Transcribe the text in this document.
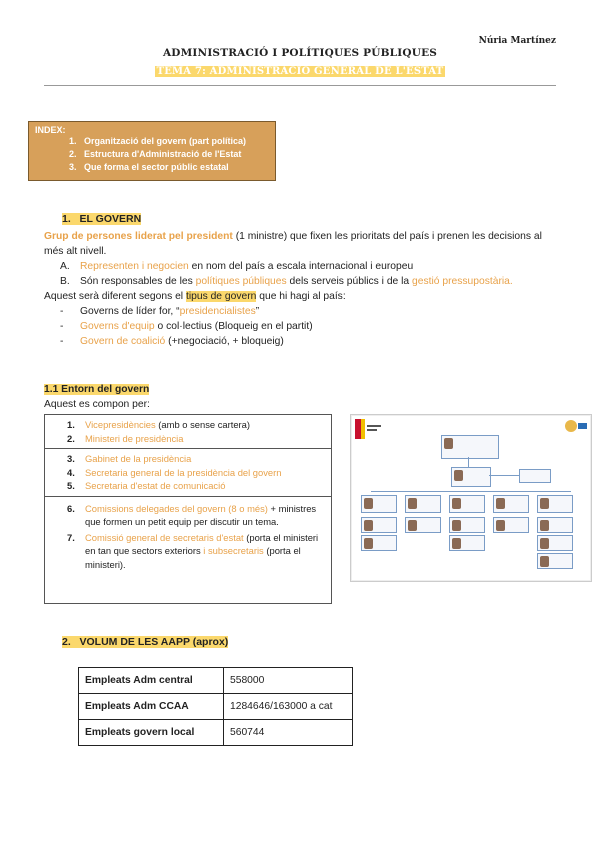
Núria Martínez
ADMINISTRACIÓ I POLÍTIQUES PÚBLIQUES
TEMA 7: ADMINISTRACIÓ GENERAL DE L'ESTAT
INDEX:
1. Organització del govern (part política)
2. Estructura d'Administració de l'Estat
3. Que forma el sector públic estatal
1.   EL GOVERN
Grup de persones liderat pel president (1 ministre) que fixen les prioritats del país i prenen les decisions al més alt nivell.
A. Representen i negocien en nom del país a escala internacional i europeu
B. Són responsables de les polítiques públiques dels serveis públics i de la gestió pressupostària.
Aquest serà diferent segons el tipus de govern que hi hagi al país:
- Governs de líder for, “presidencialistes”
- Governs d'equip o col·lectius (Bloqueig en el partit)
- Govern de coalició (+negociació, + bloqueig)
1.1 Entorn del govern
Aquest es compon per:
1. Vicepresidències (amb o sense cartera)
2. Ministeri de presidència
3. Gabinet de la presidència
4. Secretaria general de la presidència del govern
5. Secretaria d'estat de comunicació
6. Comissions delegades del govern (8 o més) + ministres que formen un petit equip per discutir un tema.
7. Comissió general de secretaris d'estat (porta el ministeri en tan que sectors exteriors i subsecretaris (porta el ministeri).
2.   VOLUM DE LES AAPP (aprox)
Empleats Adm central	558000
Empleats Adm CCAA	1284646/163000 a cat
Empleats govern local	560744
